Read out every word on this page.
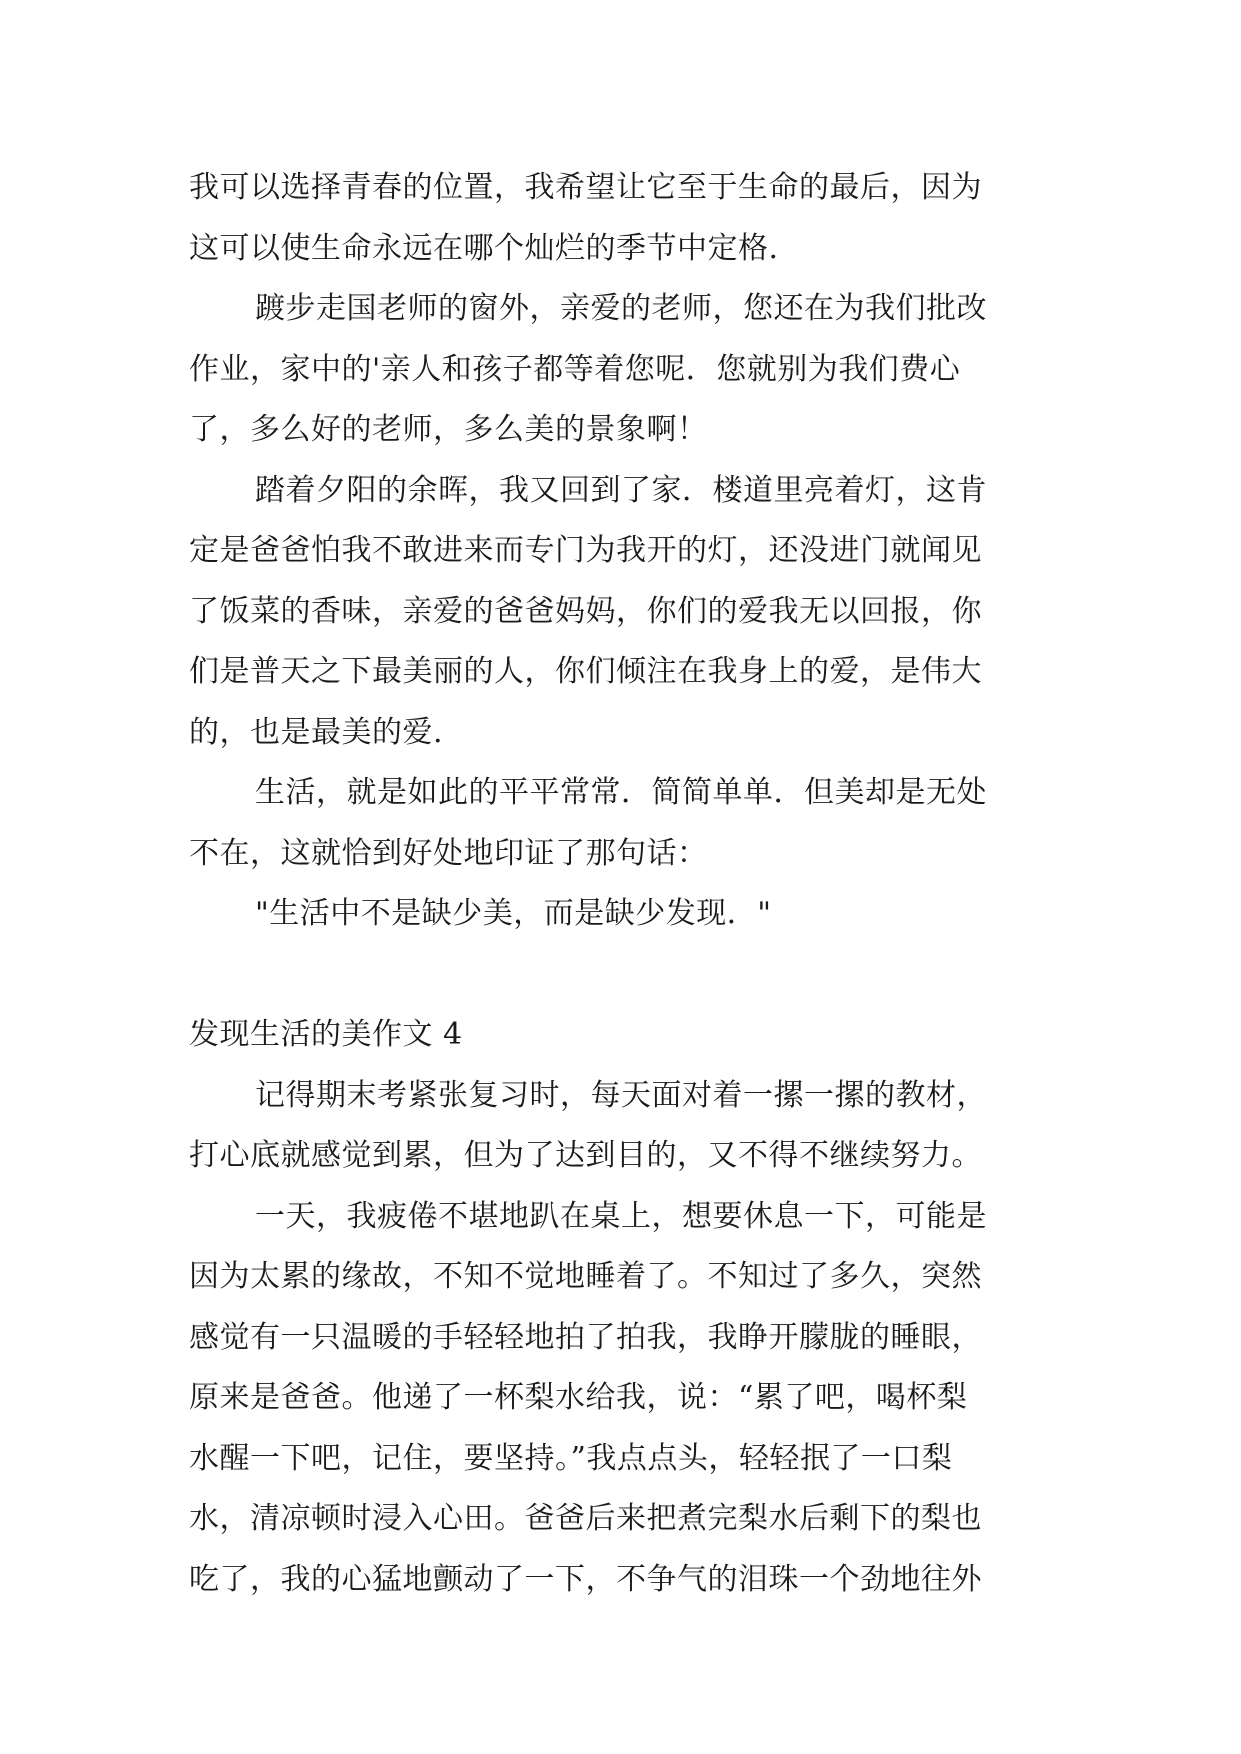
我可以选择青春的位置，我希望让它至于生命的最后，因为
这可以使生命永远在哪个灿烂的季节中定格.
踱步走国老师的窗外，亲爱的老师，您还在为我们批改
作业，家中的'亲人和孩子都等着您呢．您就别为我们费心
了，多么好的老师，多么美的景象啊！
踏着夕阳的余晖，我又回到了家．楼道里亮着灯，这肯
定是爸爸怕我不敢进来而专门为我开的灯，还没进门就闻见
了饭菜的香味，亲爱的爸爸妈妈，你们的爱我无以回报，你
们是普天之下最美丽的人，你们倾注在我身上的爱，是伟大
的，也是最美的爱.
生活，就是如此的平平常常．简简单单．但美却是无处
不在，这就恰到好处地印证了那句话：
"生活中不是缺少美，而是缺少发现．"
发现生活的美作文 4
记得期末考紧张复习时，每天面对着一摞一摞的教材，
打心底就感觉到累，但为了达到目的，又不得不继续努力。
一天，我疲倦不堪地趴在桌上，想要休息一下，可能是
因为太累的缘故，不知不觉地睡着了。不知过了多久，突然
感觉有一只温暖的手轻轻地拍了拍我，我睁开朦胧的睡眼，
原来是爸爸。他递了一杯梨水给我，说：“累了吧，喝杯梨
水醒一下吧，记住，要坚持。”我点点头，轻轻抿了一口梨
水，清凉顿时浸入心田。爸爸后来把煮完梨水后剩下的梨也
吃了，我的心猛地颤动了一下，不争气的泪珠一个劲地往外
